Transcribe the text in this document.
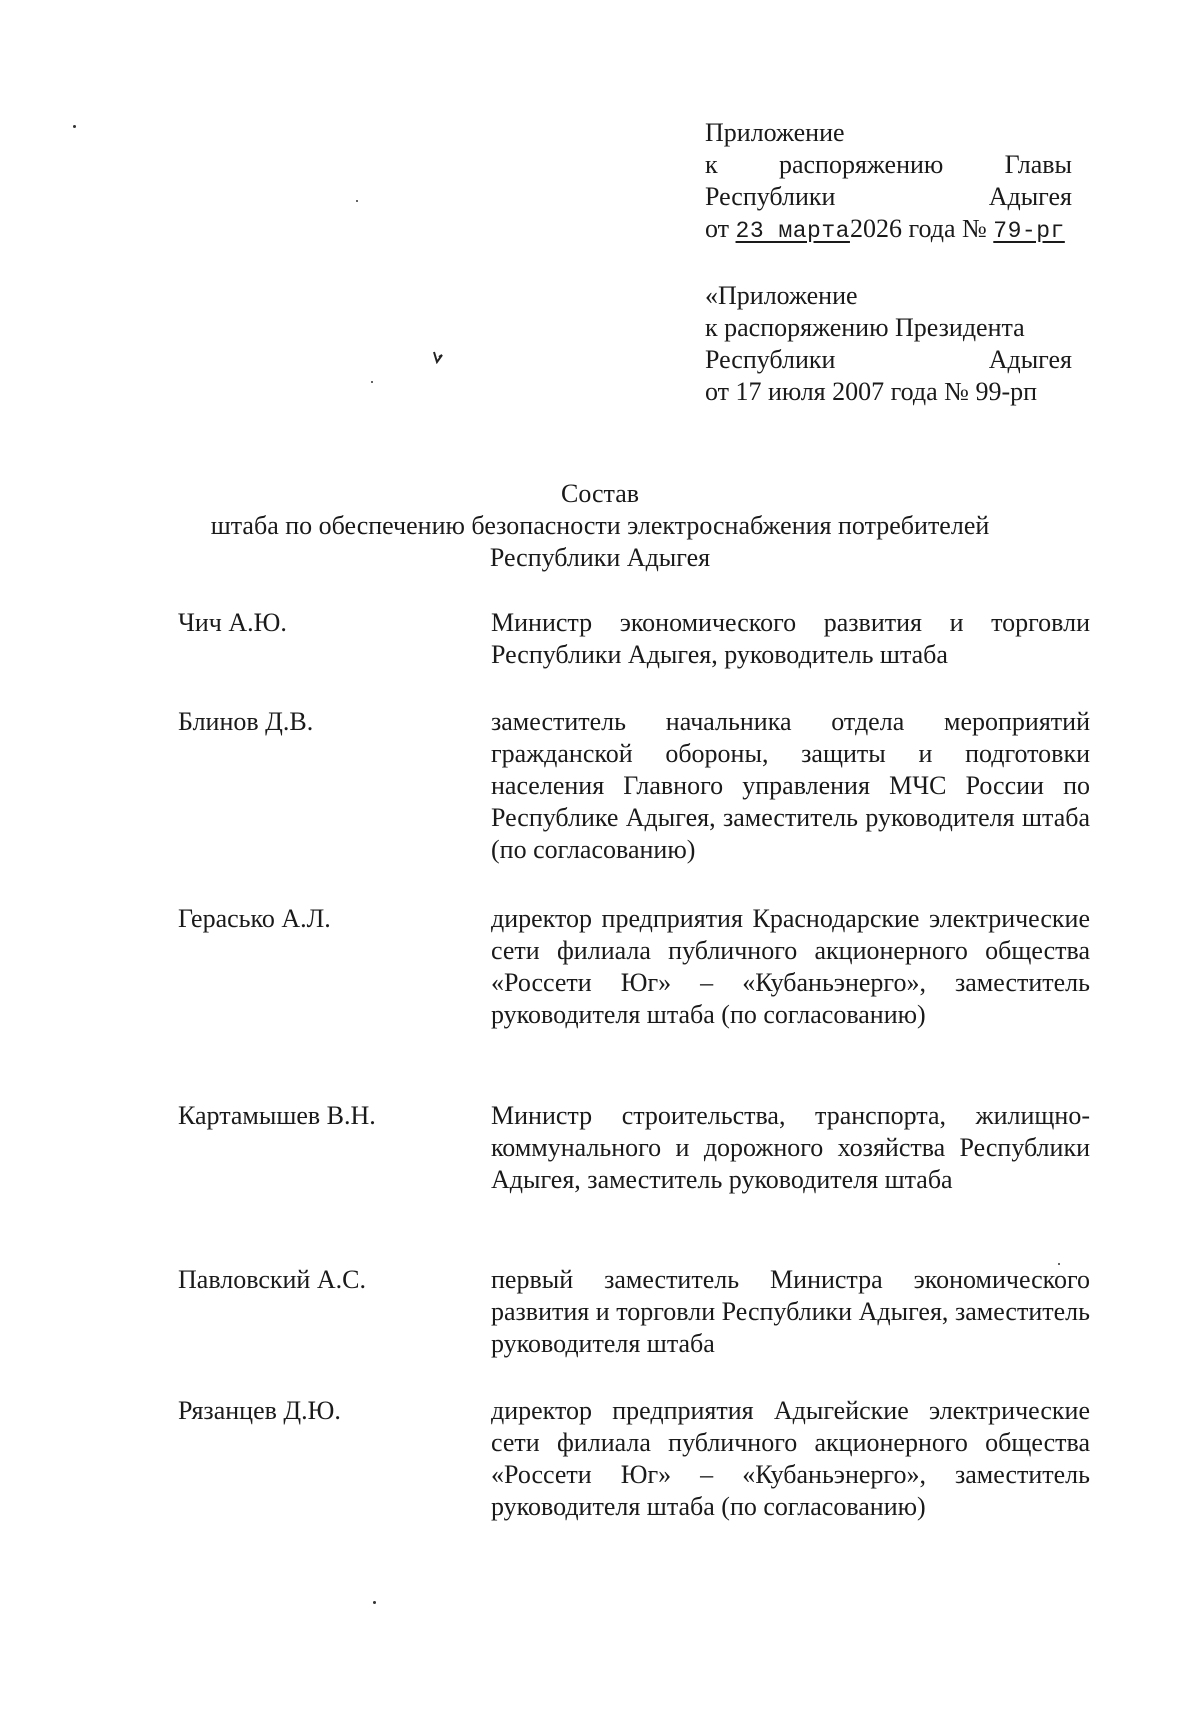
Приложение
к распоряжению Главы
Республики	Адыгея
от 23 марта2026 года № 79-рг
«Приложение
к распоряжению Президента
Республики	Адыгея
от 17 июля 2007 года № 99-рп
Состав
штаба по обеспечению безопасности электроснабжения потребителей
Республики Адыгея
Чич А.Ю.	Министр экономического развития и торговли Республики Адыгея, руководитель штаба
Блинов Д.В.	заместитель начальника отдела мероприятий гражданской обороны, защиты и подготовки населения Главного управления МЧС России по Республике Адыгея, заместитель руководителя штаба (по согласованию)
Герасько А.Л.	директор предприятия Краснодарские электрические сети филиала публичного акционерного общества «Россети Юг» – «Кубаньэнерго», заместитель руководителя штаба (по согласованию)
Картамышев В.Н.	Министр строительства, транспорта, жилищно-коммунального и дорожного хозяйства Республики Адыгея, заместитель руководителя штаба
Павловский А.С.	первый заместитель Министра экономического развития и торговли Республики Адыгея, заместитель руководителя штаба
Рязанцев Д.Ю.	директор предприятия Адыгейские электрические сети филиала публичного акционерного общества «Россети Юг» – «Кубаньэнерго», заместитель руководителя штаба (по согласованию)
